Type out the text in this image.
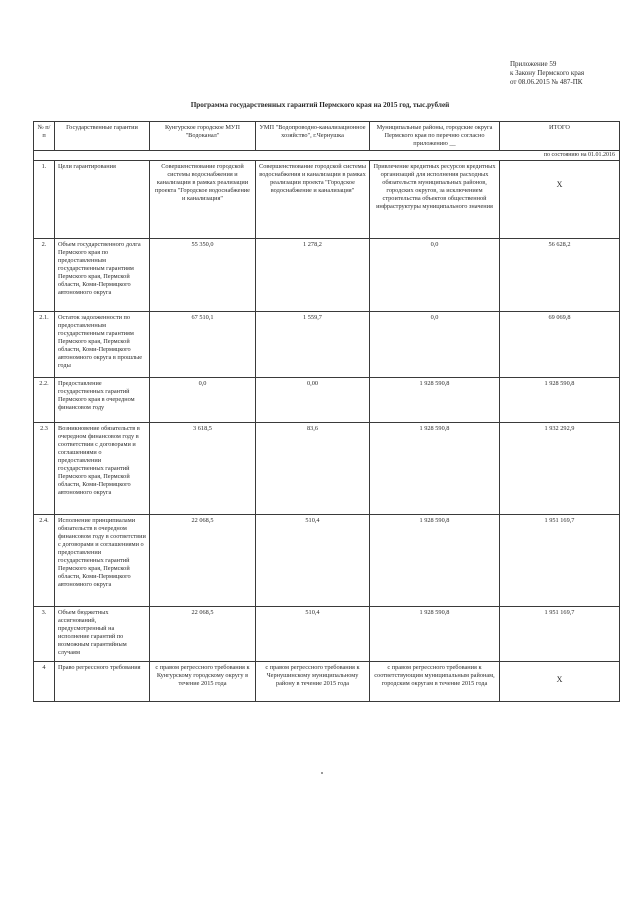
Приложение 59
к Закону Пермского края
от 08.06.2015 № 487-ПК
Программа государственных гарантий Пермского края на 2015 год, тыс.рублей
№ п/п	Государственные гарантии	Кунгурское городское МУП "Водоканал"	УМП "Водопроводно-канализационное хозяйство", г.Чернушка	Муниципальные районы, городские округа Пермского края по перечню согласно приложению __	ИТОГО
по состоянию на 01.01.2016					
1.	Цели гарантирования	Совершенствование городской системы водоснабжения и канализации в рамках реализации проекта "Городское водоснабжение и канализация"	Совершенствование городской системы водоснабжения и канализации в рамках реализации проекта "Городское водоснабжение и канализация"	Привлечение кредитных ресурсов кредитных организаций для исполнения расходных обязательств муниципальных районов, городских округов, за исключением строительства объектов общественной инфраструктуры муниципального значения	X

2.	Объем государственного долга Пермского края по предоставленным государственным гарантиям Пермского края, Пермской области, Коми-Пермяцкого автономного округа	55 350,0	1 278,2	0,0	56 628,2
2.1.	Остаток задолженности по предоставленным государственным гарантиям Пермского края, Пермской области, Коми-Пермяцкого автономного округа в прошлые годы	67 510,1	1 559,7	0,0	69 069,8
2.2.	Предоставление государственных гарантий Пермского края в очередном финансовом году	0,0	0,00	1 928 590,8	1 928 590,8
2.3	Возникновение обязательств в очередном финансовом году в соответствии с договорами и соглашениями о предоставлении государственных гарантий Пермского края, Пермской области, Коми-Пермяцкого автономного округа	3 618,5	83,6	1 928 590,8	1 932 292,9
2.4.	Исполнение принципиалами обязательств в очередном финансовом году в соответствии с договорами и соглашениями о предоставлении государственных гарантий Пермского края, Пермской области, Коми-Пермяцкого автономного округа	22 068,5	510,4	1 928 590,8	1 951 169,7
3.	Объем бюджетных ассигнований, предусмотренный на исполнение гарантий по возможным гарантийным случаям	22 068,5	510,4	1 928 590,8	1 951 169,7
4	Право регрессного требования	с правом регрессного требования к Кунгурскому городскому округу в течение 2015 года	с правом регрессного требования к Чернушинскому муниципальному району в течение 2015 года	с правом регрессного требования к соответствующим муниципальным районам, городским округам в течение 2015 года	X
